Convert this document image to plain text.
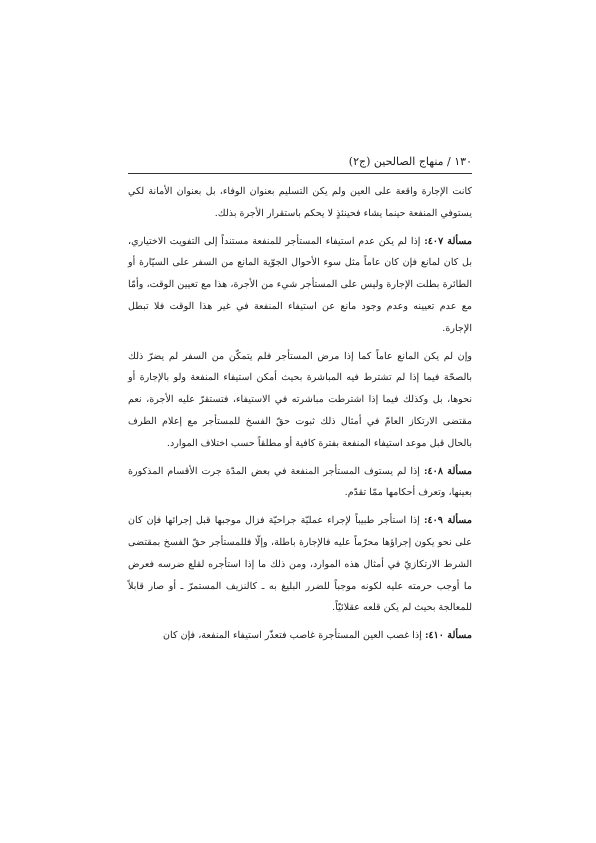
١٣٠ / منهاج الصالحين (ج٢)

كانت الإجارة واقعة على العين ولم يكن التسليم بعنوان الوفاء، بل بعنوان الأمانة لكي يستوفي المنفعة حينما يشاء فحينئذٍ لا يحكم باستقرار الأجرة بذلك.

مسألة ٤٠٧: إذا لم يكن عدم استيفاء المستأجر للمنفعة مستنداً إلى التفويت الاختياري، بل كان لمانع فإن كان عاماً مثل سوء الأحوال الجوّية المانع من السفر على السيّارة أو الطائرة بطلت الإجارة وليس على المستأجر شيء من الأجرة، هذا مع تعيين الوقت، وأمّا مع عدم تعيينه وعدم وجود مانع عن استيفاء المنفعة في غير هذا الوقت فلا تبطل الإجارة.

وإن لم يكن المانع عاماً كما إذا مرض المستأجر فلم يتمكّن من السفر لم يضرّ ذلك بالصحّة فيما إذا لم تشترط فيه المباشرة بحيث أمكن استيفاء المنفعة ولو بالإجارة أو نحوها، بل وكذلك فيما إذا اشترطت مباشرته في الاستيفاء، فتستقرّ عليه الأجرة، نعم مقتضى الارتكاز العامّ في أمثال ذلك ثبوت حقّ الفسخ للمستأجر مع إعلام الطرف بالحال قبل موعد استيفاء المنفعة بفترة كافية أو مطلقاً حسب اختلاف الموارد.

مسألة ٤٠٨: إذا لم يستوف المستأجر المنفعة في بعض المدّة جرت الأقسام المذكورة بعينها، وتعرف أحكامها ممّا تقدّم.

مسألة ٤٠٩: إذا استأجر طبيباً لإجراء عمليّة جراحيّة فزال موجبها قبل إجرائها فإن كان على نحو يكون إجراؤها محرّماً عليه فالإجارة باطلة، وإلّا فللمستأجر حقّ الفسخ بمقتضى الشرط الارتكازيّ في أمثال هذه الموارد، ومن ذلك ما إذا استأجره لقلع ضرسه فعرض ما أوجب حرمته عليه لكونه موجباً للضرر البليغ به ـ كالنزيف المستمرّ ـ أو صار قابلاً للمعالجة بحيث لم يكن قلعه عقلائيّاً.

مسألة ٤١٠: إذا غصب العين المستأجرة غاصب فتعذّر استيفاء المنفعة، فإن كان
